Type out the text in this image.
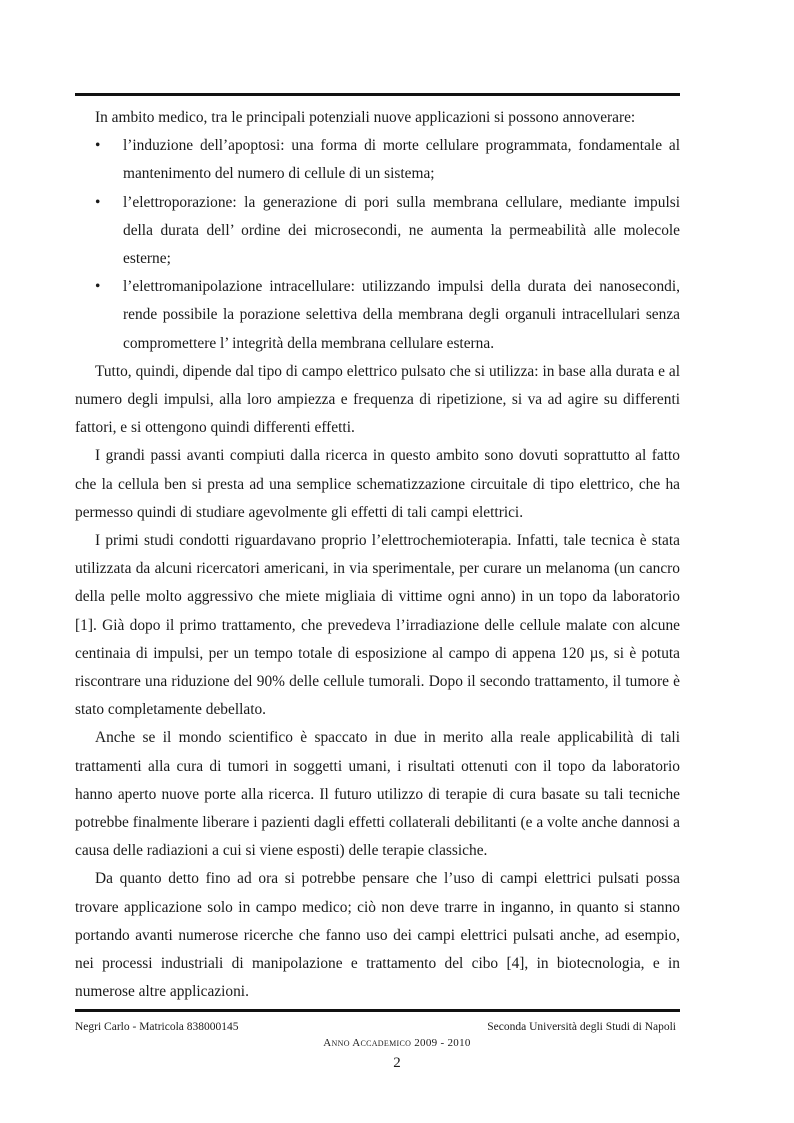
In ambito medico, tra le principali potenziali nuove applicazioni si possono annoverare:

• l’induzione dell’apoptosi: una forma di morte cellulare programmata, fondamentale al mantenimento del numero di cellule di un sistema;
• l’elettroporazione: la generazione di pori sulla membrana cellulare, mediante impulsi della durata dell’ ordine dei microsecondi, ne aumenta la permeabilità alle molecole esterne;
• l’elettromanipolazione intracellulare: utilizzando impulsi della durata dei nanosecondi, rende possibile la porazione selettiva della membrana degli organuli intracellulari senza compromettere l’ integrità della membrana cellulare esterna.

Tutto, quindi, dipende dal tipo di campo elettrico pulsato che si utilizza: in base alla durata e al numero degli impulsi, alla loro ampiezza e frequenza di ripetizione, si va ad agire su differenti fattori, e si ottengono quindi differenti effetti.

I grandi passi avanti compiuti dalla ricerca in questo ambito sono dovuti soprattutto al fatto che la cellula ben si presta ad una semplice schematizzazione circuitale di tipo elettrico, che ha permesso quindi di studiare agevolmente gli effetti di tali campi elettrici.

I primi studi condotti riguardavano proprio l’elettrochemioterapia. Infatti, tale tecnica è stata utilizzata da alcuni ricercatori americani, in via sperimentale, per curare un melanoma (un cancro della pelle molto aggressivo che miete migliaia di vittime ogni anno) in un topo da laboratorio [1]. Già dopo il primo trattamento, che prevedeva l’irradiazione delle cellule malate con alcune centinaia di impulsi, per un tempo totale di esposizione al campo di appena 120 µs, si è potuta riscontrare una riduzione del 90% delle cellule tumorali. Dopo il secondo trattamento, il tumore è stato completamente debellato.

Anche se il mondo scientifico è spaccato in due in merito alla reale applicabilità di tali trattamenti alla cura di tumori in soggetti umani, i risultati ottenuti con il topo da laboratorio hanno aperto nuove porte alla ricerca. Il futuro utilizzo di terapie di cura basate su tali tecniche potrebbe finalmente liberare i pazienti dagli effetti collaterali debilitanti (e a volte anche dannosi a causa delle radiazioni a cui si viene esposti) delle terapie classiche.

Da quanto detto fino ad ora si potrebbe pensare che l’uso di campi elettrici pulsati possa trovare applicazione solo in campo medico; ciò non deve trarre in inganno, in quanto si stanno portando avanti numerose ricerche che fanno uso dei campi elettrici pulsati anche, ad esempio, nei processi industriali di manipolazione e trattamento del cibo [4], in biotecnologia, e in numerose altre applicazioni.

Negri Carlo - Matricola 838000145	Seconda Università degli Studi di Napoli
Anno Accademico 2009 - 2010
2
